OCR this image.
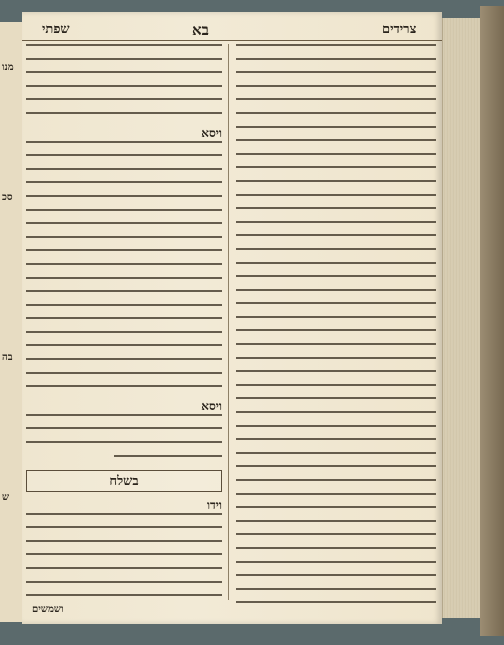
מנו
סכ
בה
ש
שפתי	בא	צרידים
ויסא
ויסא
בשלח
וידו
ושמשים
